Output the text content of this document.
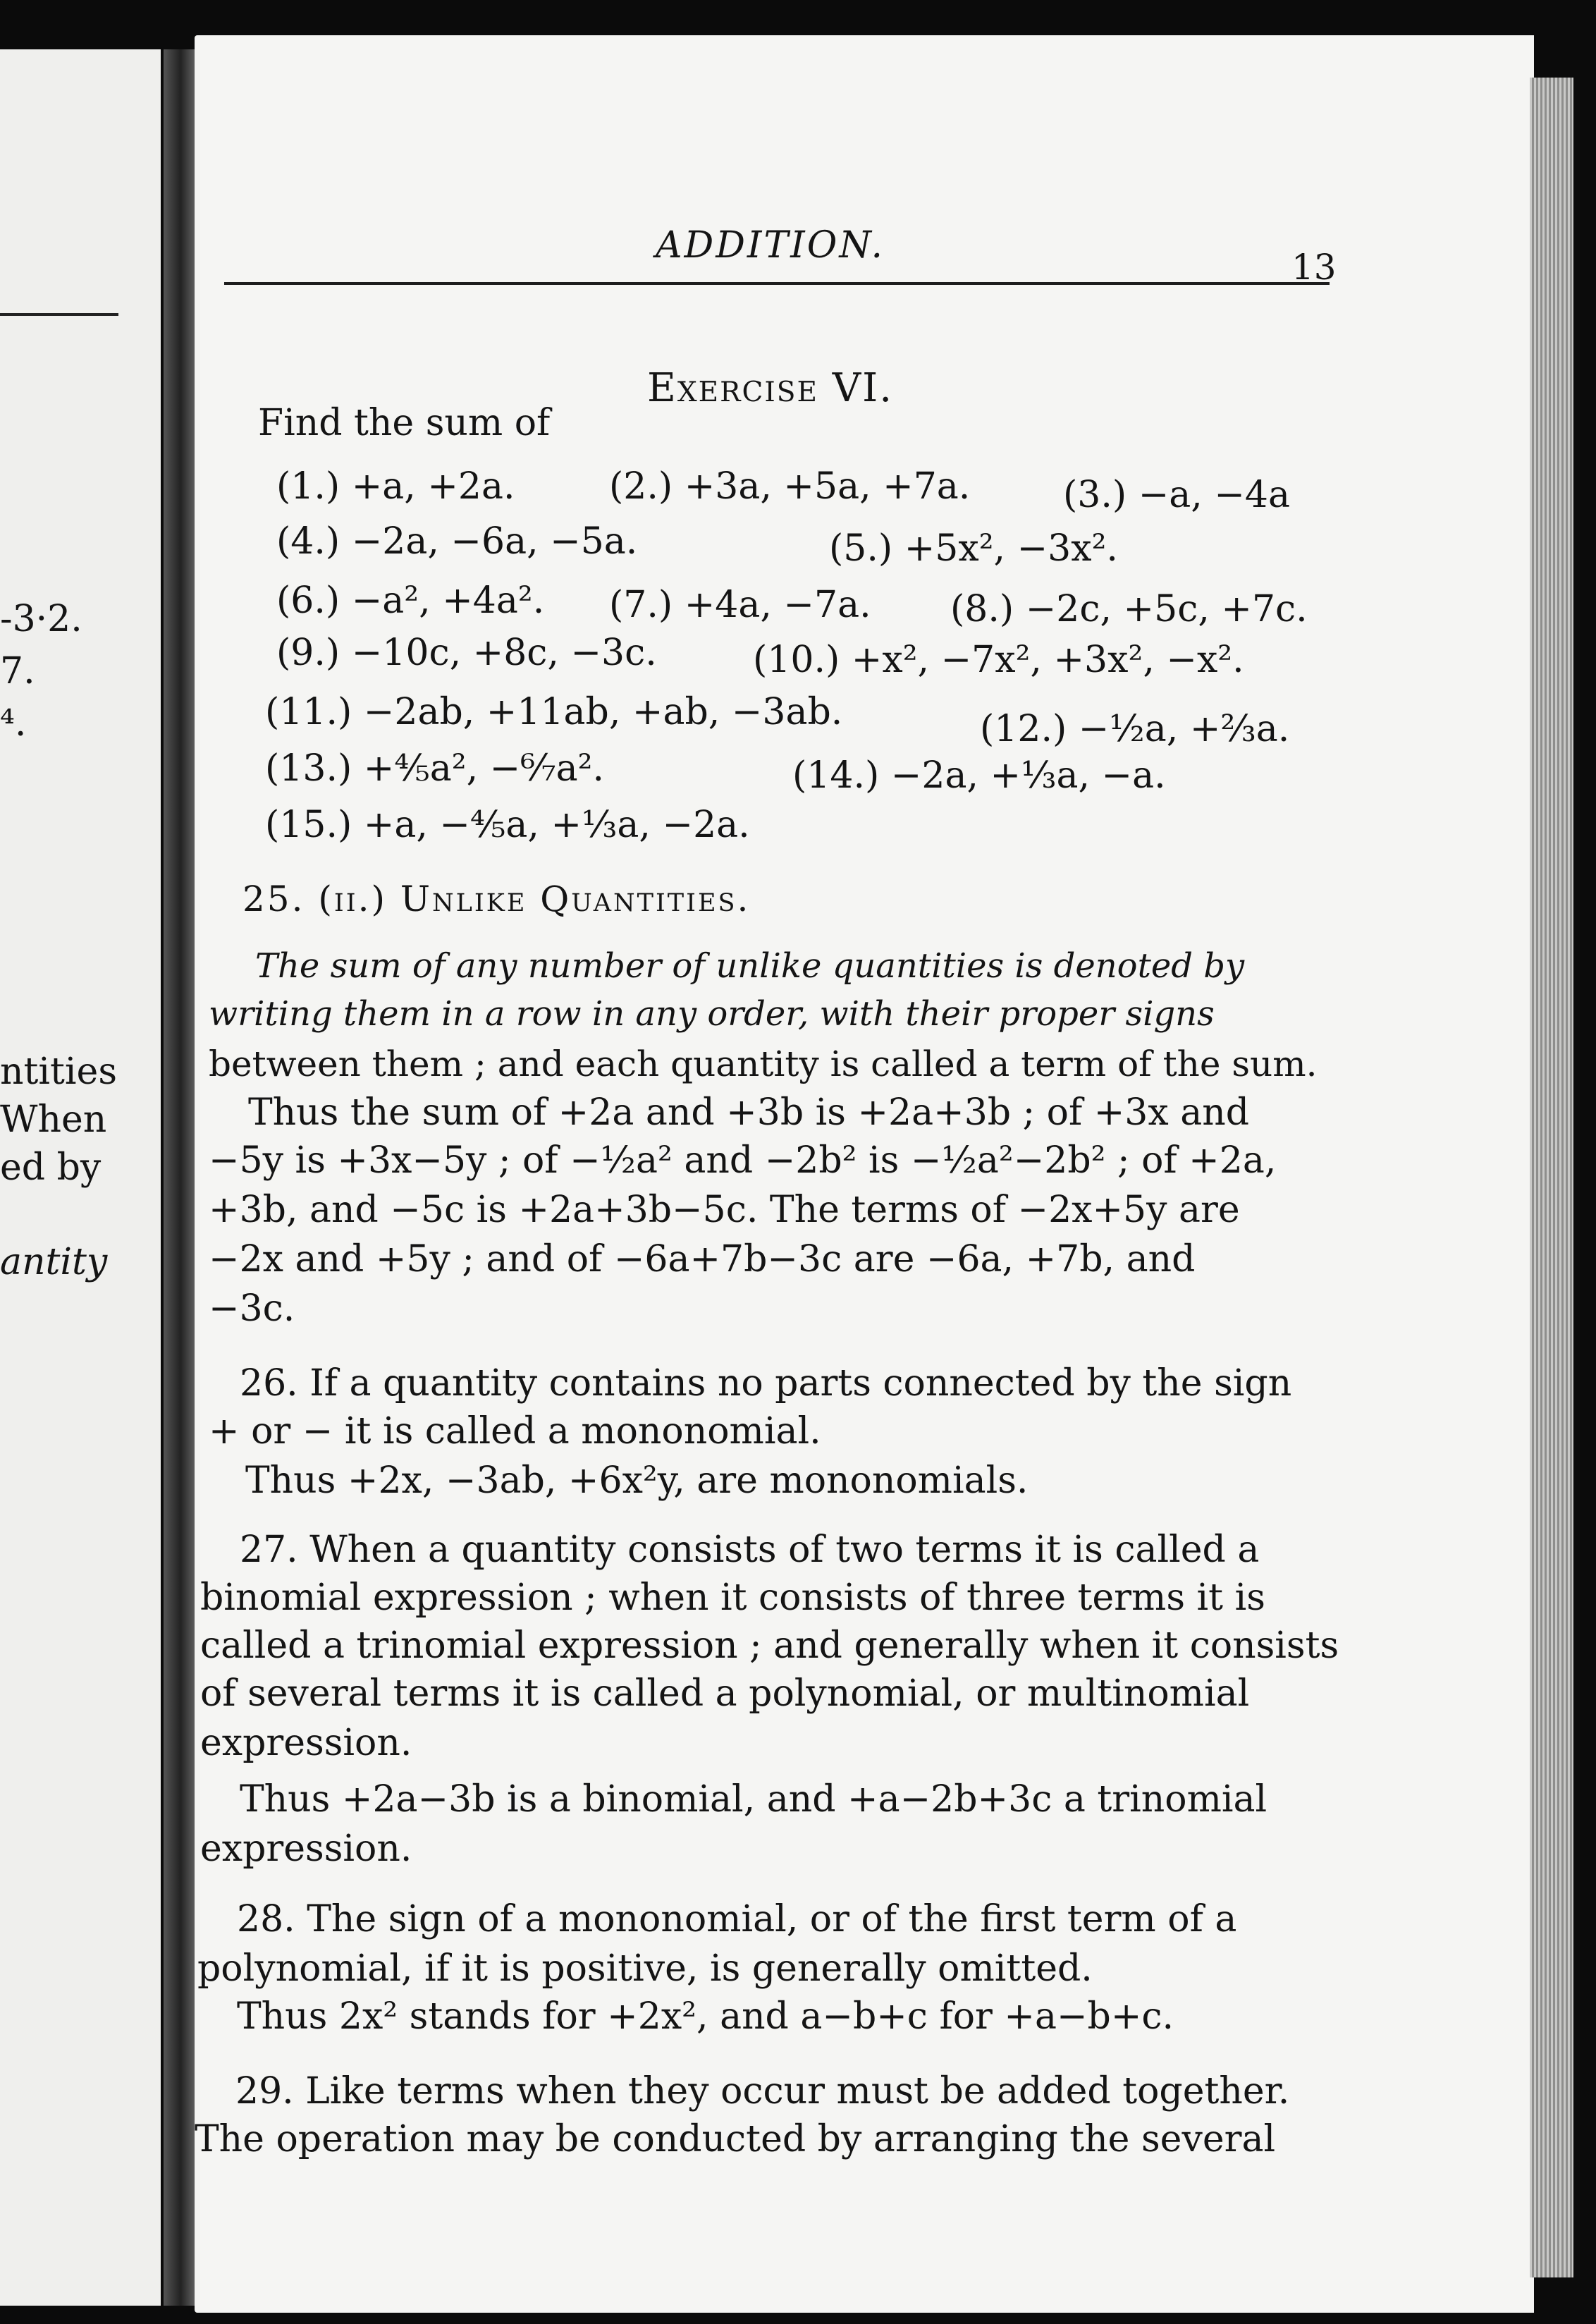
-3·2.
7.
⁴.
ntities
When
ed by
antity
ADDITION.
13
Exercise VI.
Find the sum of
(1.) +a, +2a.	(2.) +3a, +5a, +7a.	(3.) −a, −4a
(4.) −2a, −6a, −5a.	(5.) +5x², −3x².
(6.) −a², +4a². (7.) +4a, −7a. (8.) −2c, +5c, +7c.
(9.) −10c, +8c, −3c.	(10.) +x², −7x², +3x², −x².
(11.) −2ab, +11ab, +ab, −3ab.	(12.) −½a, +⅔a.
(13.) +⅘a², −⁶⁄₇a².	(14.) −2a, +⅓a, −a.
(15.) +a, −⅘a, +⅓a, −2a.
25. (ii.) Unlike Quantities.
The sum of any number of unlike quantities is denoted by
writing them in a row in any order, with their proper signs
between them ; and each quantity is called a term of the sum.
Thus the sum of +2a and +3b is +2a+3b ; of +3x and
−5y is +3x−5y ; of −½a² and −2b² is −½a²−2b² ; of +2a,
+3b, and −5c is +2a+3b−5c. The terms of −2x+5y are
−2x and +5y ; and of −6a+7b−3c are −6a, +7b, and
−3c.
26. If a quantity contains no parts connected by the sign
+ or − it is called a mononomial.
Thus +2x, −3ab, +6x²y, are mononomials.
27. When a quantity consists of two terms it is called a
binomial expression ; when it consists of three terms it is
called a trinomial expression ; and generally when it consists
of several terms it is called a polynomial, or multinomial
expression.
Thus +2a−3b is a binomial, and +a−2b+3c a trinomial
expression.
28. The sign of a mononomial, or of the first term of a
polynomial, if it is positive, is generally omitted.
Thus 2x² stands for +2x², and a−b+c for +a−b+c.
29. Like terms when they occur must be added together.
The operation may be conducted by arranging the several
